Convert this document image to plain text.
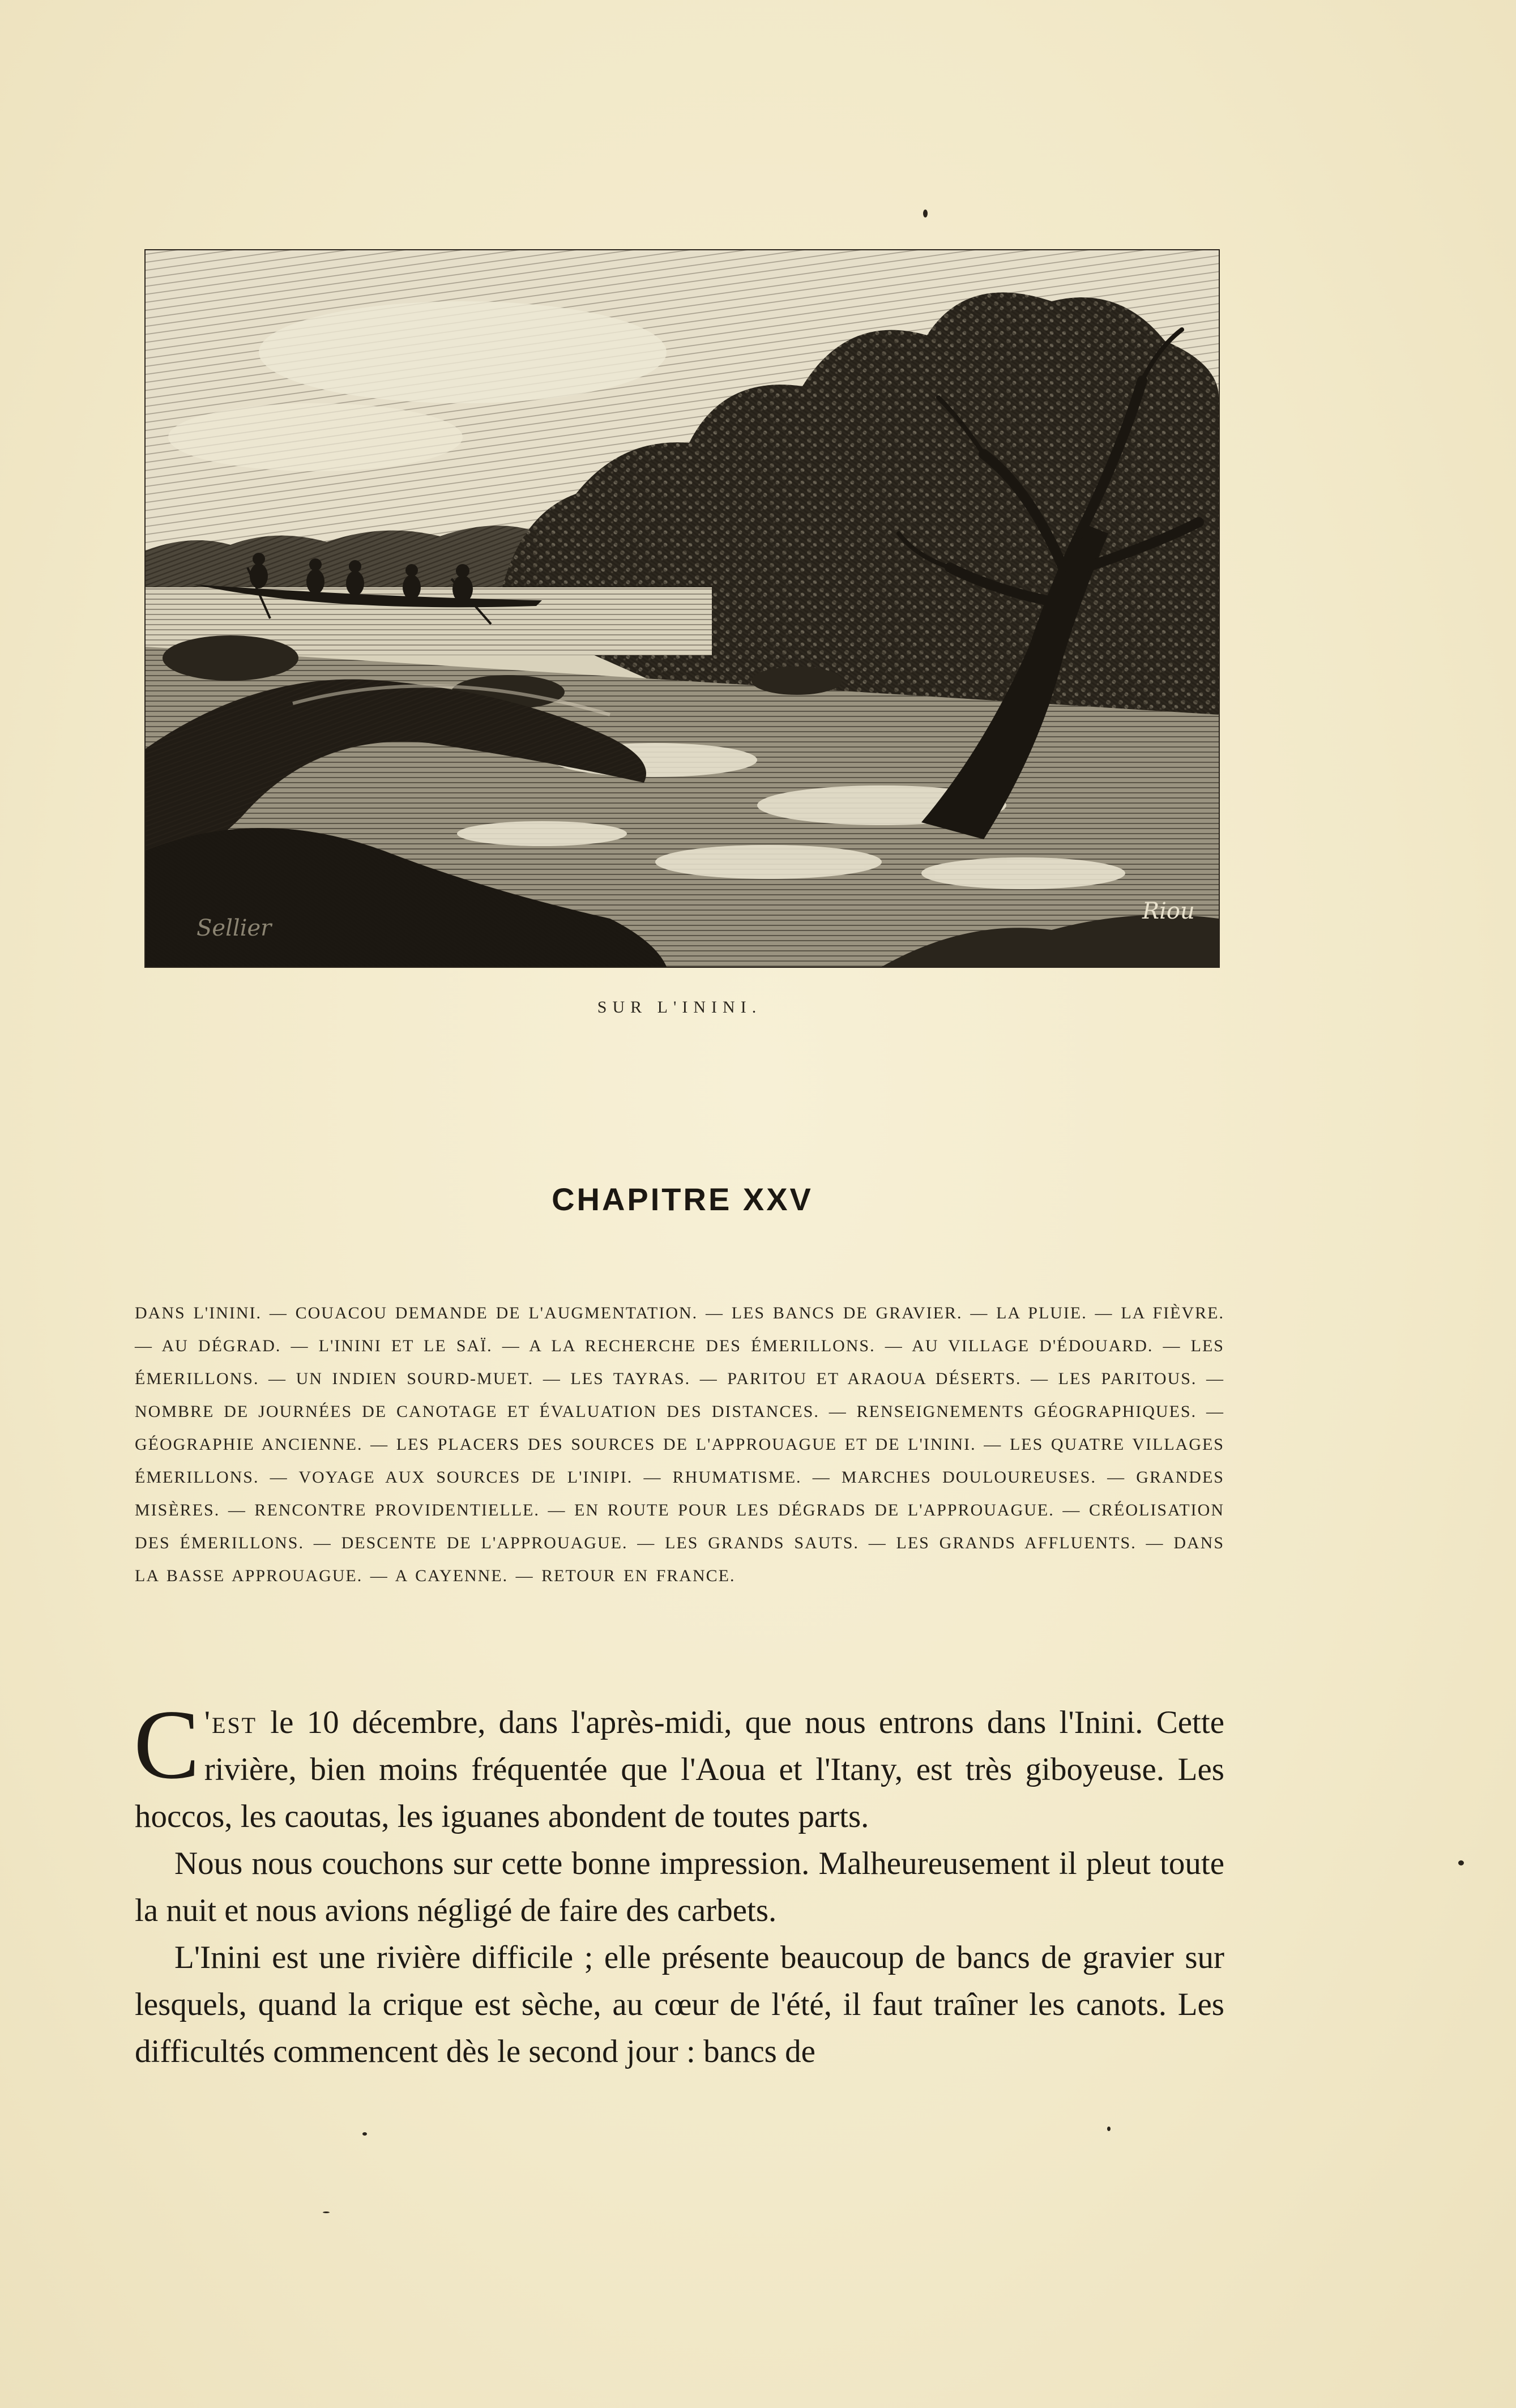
Sellier
Riou
SUR L'ININI.
CHAPITRE XXV
DANS L'ININI. — COUACOU DEMANDE DE L'AUGMENTATION. — LES BANCS DE GRAVIER. — LA PLUIE. — LA FIÈVRE. — AU DÉGRAD. — L'ININI ET LE SAÏ. — A LA RECHERCHE DES ÉMERILLONS. — AU VILLAGE D'ÉDOUARD. — LES ÉMERILLONS. — UN INDIEN SOURD-MUET. — LES TAYRAS. — PARITOU ET ARAOUA DÉSERTS. — LES PARITOUS. — NOMBRE DE JOURNÉES DE CANOTAGE ET ÉVALUATION DES DISTANCES. — RENSEIGNEMENTS GÉOGRAPHIQUES. — GÉOGRAPHIE ANCIENNE. — LES PLACERS DES SOURCES DE L'APPROUAGUE ET DE L'ININI. — LES QUATRE VILLAGES ÉMERILLONS. — VOYAGE AUX SOURCES DE L'INIPI. — RHUMATISME. — MARCHES DOULOUREUSES. — GRANDES MISÈRES. — RENCONTRE PROVIDENTIELLE. — EN ROUTE POUR LES DÉGRADS DE L'APPROUAGUE. — CRÉOLISATION DES ÉMERILLONS. — DESCENTE DE L'APPROUAGUE. — LES GRANDS SAUTS. — LES GRANDS AFFLUENTS. — DANS LA BASSE APPROUAGUE. — A CAYENNE. — RETOUR EN FRANCE.

C 'est le 10 décembre, dans l'après-midi, que nous entrons dans l'Inini. Cette rivière, bien moins fréquentée que l'Aoua et l'Itany, est très giboyeuse. Les hoccos, les caoutas, les iguanes abondent de toutes parts.

Nous nous couchons sur cette bonne impression. Malheureusement il pleut toute la nuit et nous avions négligé de faire des carbets.

L'Inini est une rivière difficile ; elle présente beaucoup de bancs de gravier sur lesquels, quand la crique est sèche, au cœur de l'été, il faut traîner les canots. Les difficultés commencent dès le second jour : bancs de
